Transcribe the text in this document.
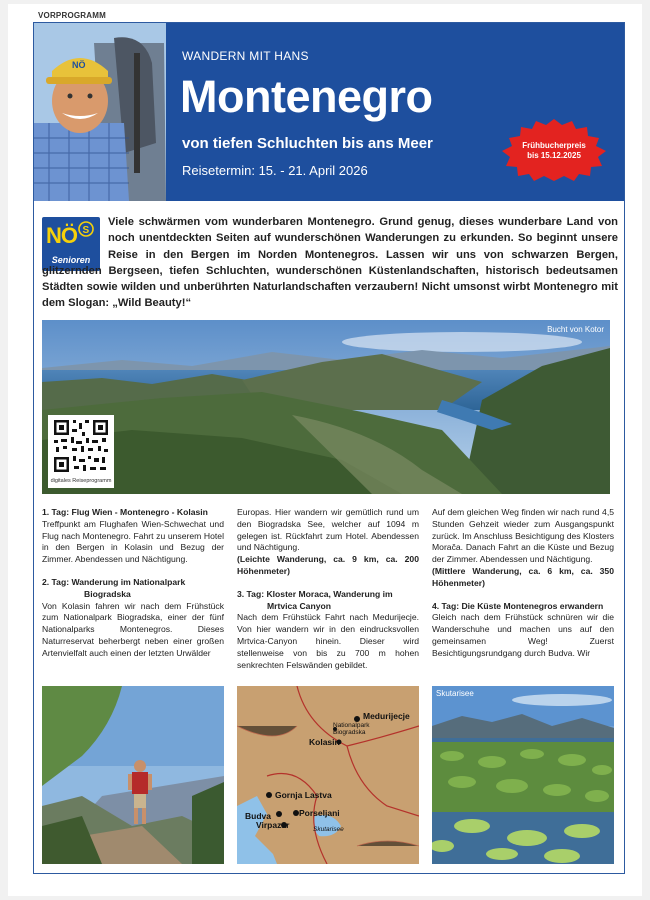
VORPROGRAMM
NÖ
WANDERN MIT HANS
Montenegro
von tiefen Schluchten bis ans Meer
Reisetermin: 15. - 21. April 2026
Frühbucherpreis
bis 15.12.2025
NÖ S
Senioren
Viele schwärmen vom wunderbaren Montenegro. Grund genug, dieses wunderbare Land von noch unentdeckten Seiten auf wunderschönen Wanderungen zu erkunden. So beginnt unsere Reise in den Bergen im Norden Montenegros. Lassen wir uns von schwarzen Bergen, glitzernden Bergseen, tiefen Schluchten, wunderschönen Küstenlandschaften, historisch bedeutsamen Städten sowie wilden und unberührten Naturlandschaften verzaubern! Nicht umsonst wirbt Montenegro mit dem Slogan: „Wild Beauty!“
Bucht von Kotor
digitales Reiseprogramm
1. Tag: Flug Wien - Montenegro - Kolasin

Treffpunkt am Flughafen Wien-Schwechat und Flug nach Montenegro. Fahrt zu unserem Hotel in den Bergen in Kolasin und Bezug der Zimmer. Abendessen und Nächtigung.

2. Tag: Wanderung im Nationalpark
Biogradska

Von Kolasin fahren wir nach dem Frühstück zum Nationalpark Biogradska, einer der fünf Nationalparks Montenegros. Dieses Naturreservat beherbergt neben einer großen Artenvielfalt auch einen der letzten Urwälder

Europas. Hier wandern wir gemütlich rund um den Biogradska See, welcher auf 1094 m gelegen ist. Rückfahrt zum Hotel. Abendessen und Nächtigung.

(Leichte Wanderung, ca. 9 km, ca. 200 Höhenmeter)

3. Tag: Kloster Moraca, Wanderung im
Mrtvica Canyon

Nach dem Frühstück Fahrt nach Medurijecje. Von hier wandern wir in den eindrucksvollen Mrtvica-Canyon hinein. Dieser wird stellenweise von bis zu 700 m hohen senkrechten Felswänden gebildet.

Auf dem gleichen Weg finden wir nach rund 4,5 Stunden Gehzeit wieder zum Ausgangspunkt zurück. Im Anschluss Besichtigung des Klosters Morača. Danach Fahrt an die Küste und Bezug der Zimmer. Abendessen und Nächtigung.

(Mittlere Wanderung, ca. 6 km, ca. 350 Höhenmeter)

4. Tag: Die Küste Montenegros erwandern

Gleich nach dem Frühstück schnüren wir die Wanderschuhe und machen uns auf den gemeinsamen Weg! Zuerst Besichtigungsrundgang durch Budva. Wir

Medurijecje
Nationalpark
Biogradska
Kolasin
Gornja Lastva
Porseljani
Budva
Virpazar	Skutarisee
Skutarisee
